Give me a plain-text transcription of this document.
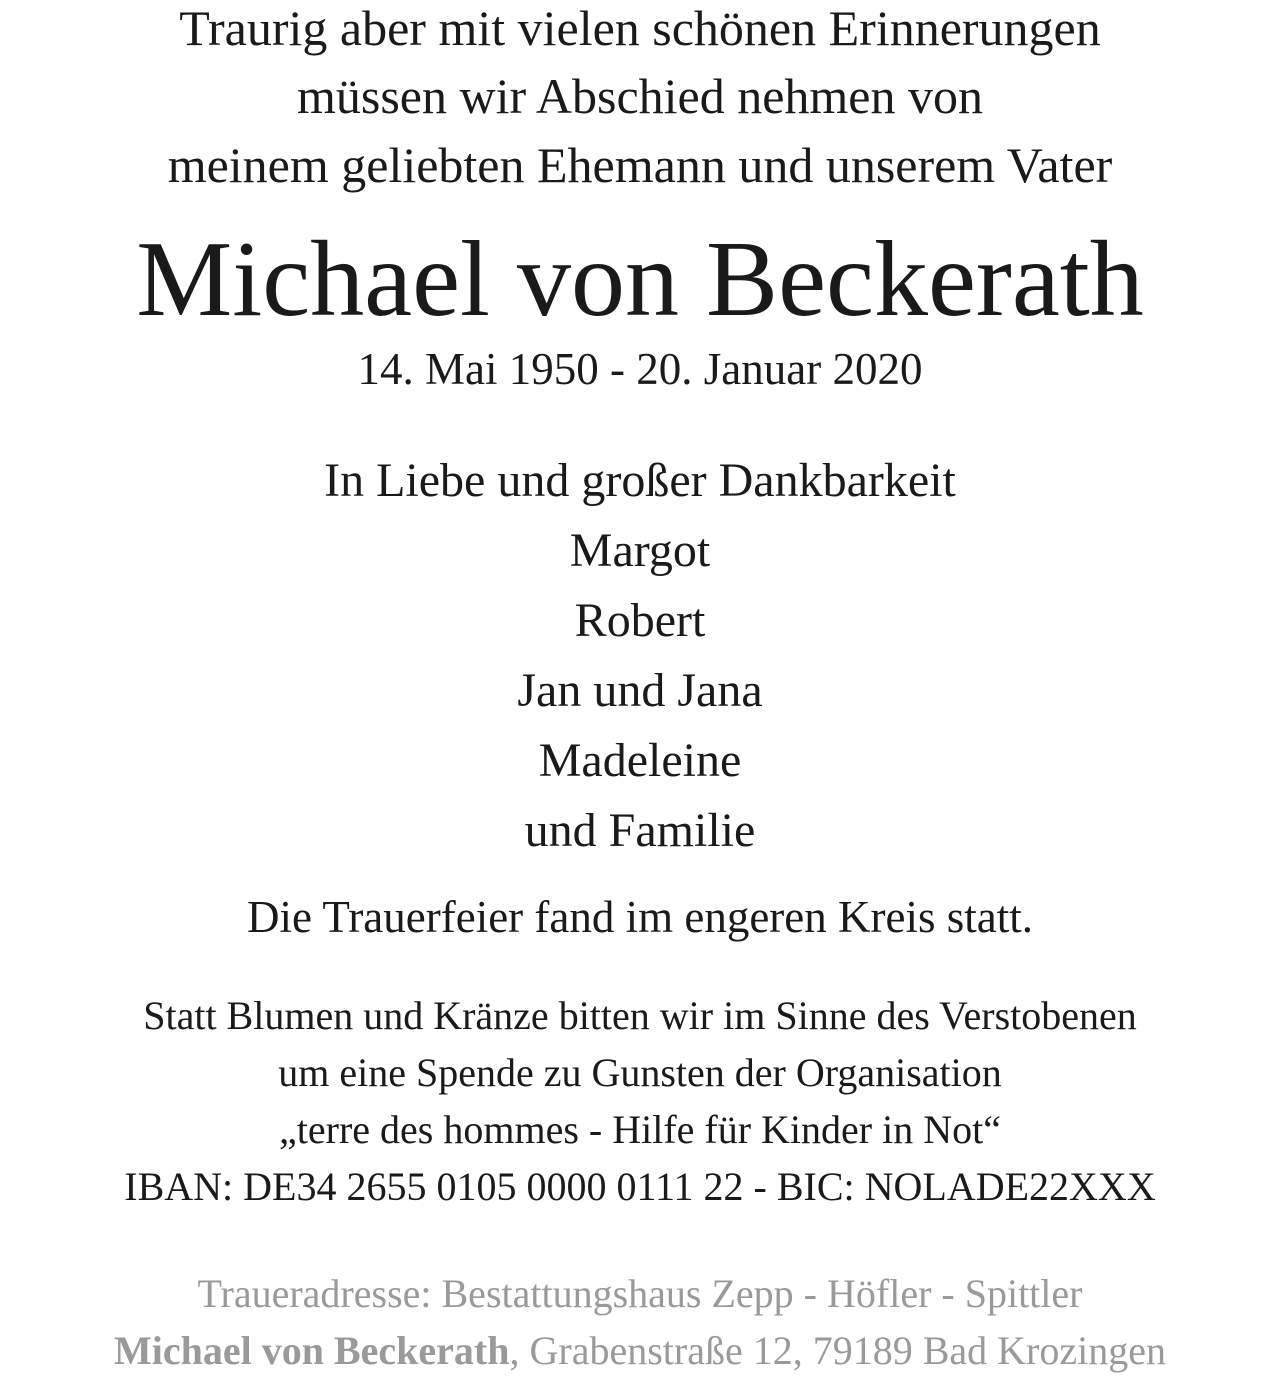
Traurig aber mit vielen schönen Erinnerungen
müssen wir Abschied nehmen von
meinem geliebten Ehemann und unserem Vater
Michael von Beckerath
14. Mai 1950 - 20. Januar 2020
In Liebe und großer Dankbarkeit
Margot
Robert
Jan und Jana
Madeleine
und Familie
Die Trauerfeier fand im engeren Kreis statt.
Statt Blumen und Kränze bitten wir im Sinne des Verstobenen
um eine Spende zu Gunsten der Organisation
„terre des hommes - Hilfe für Kinder in Not“
IBAN: DE34 2655 0105 0000 0111 22 - BIC: NOLADE22XXX
Traueradresse: Bestattungshaus Zepp - Höfler - Spittler
Michael von Beckerath, Grabenstraße 12, 79189 Bad Krozingen
